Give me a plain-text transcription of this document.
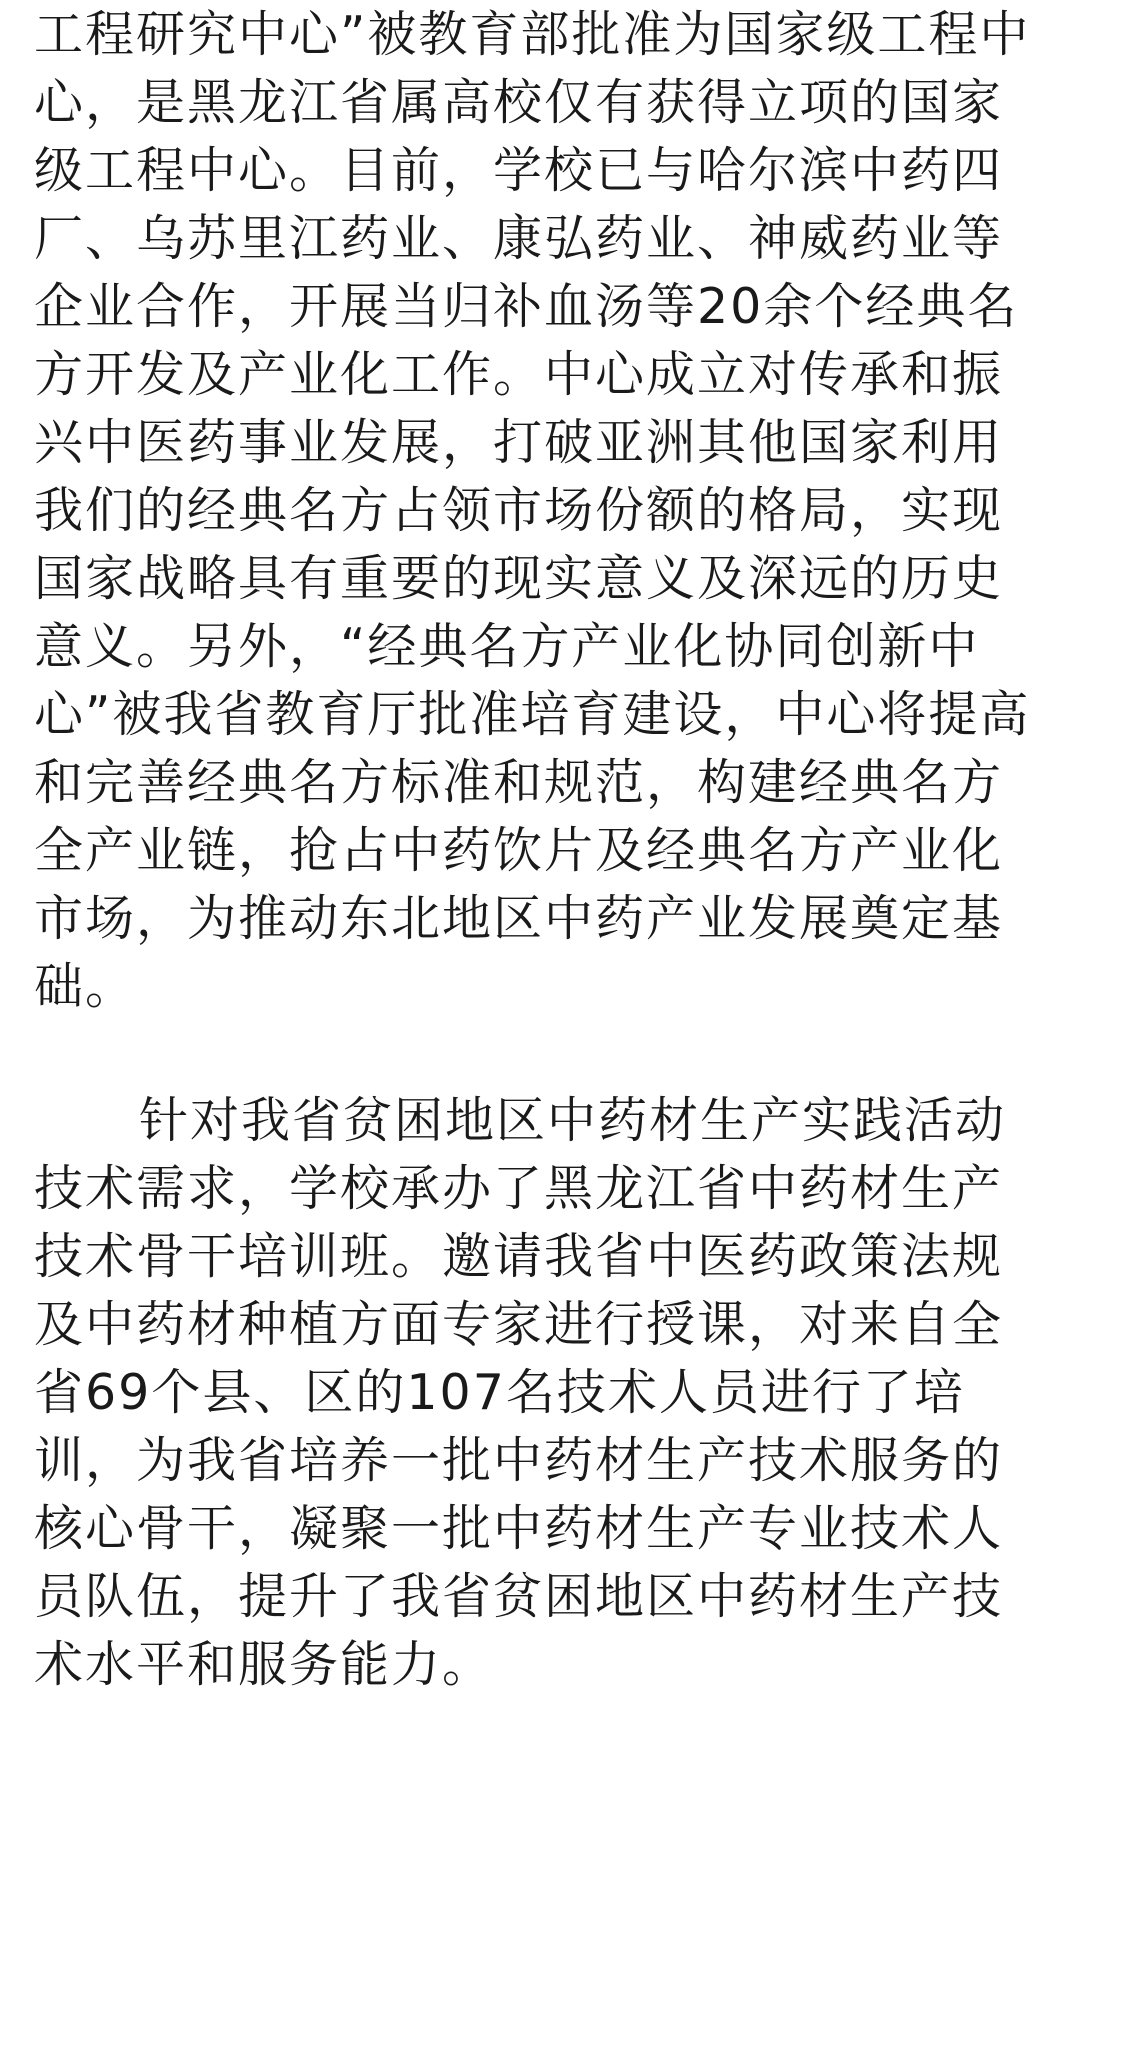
工程研究中心”被教育部批准为国家级工程中
心，是黑龙江省属高校仅有获得立项的国家
级工程中心。目前，学校已与哈尔滨中药四
厂、乌苏里江药业、康弘药业、神威药业等
企业合作，开展当归补血汤等20余个经典名
方开发及产业化工作。中心成立对传承和振
兴中医药事业发展，打破亚洲其他国家利用
我们的经典名方占领市场份额的格局，实现
国家战略具有重要的现实意义及深远的历史
意义。另外，“经典名方产业化协同创新中
心”被我省教育厅批准培育建设，中心将提高
和完善经典名方标准和规范，构建经典名方
全产业链，抢占中药饮片及经典名方产业化
市场，为推动东北地区中药产业发展奠定基
础。
针对我省贫困地区中药材生产实践活动
技术需求，学校承办了黑龙江省中药材生产
技术骨干培训班。邀请我省中医药政策法规
及中药材种植方面专家进行授课，对来自全
省69个县、区的107名技术人员进行了培
训，为我省培养一批中药材生产技术服务的
核心骨干，凝聚一批中药材生产专业技术人
员队伍，提升了我省贫困地区中药材生产技
术水平和服务能力。
